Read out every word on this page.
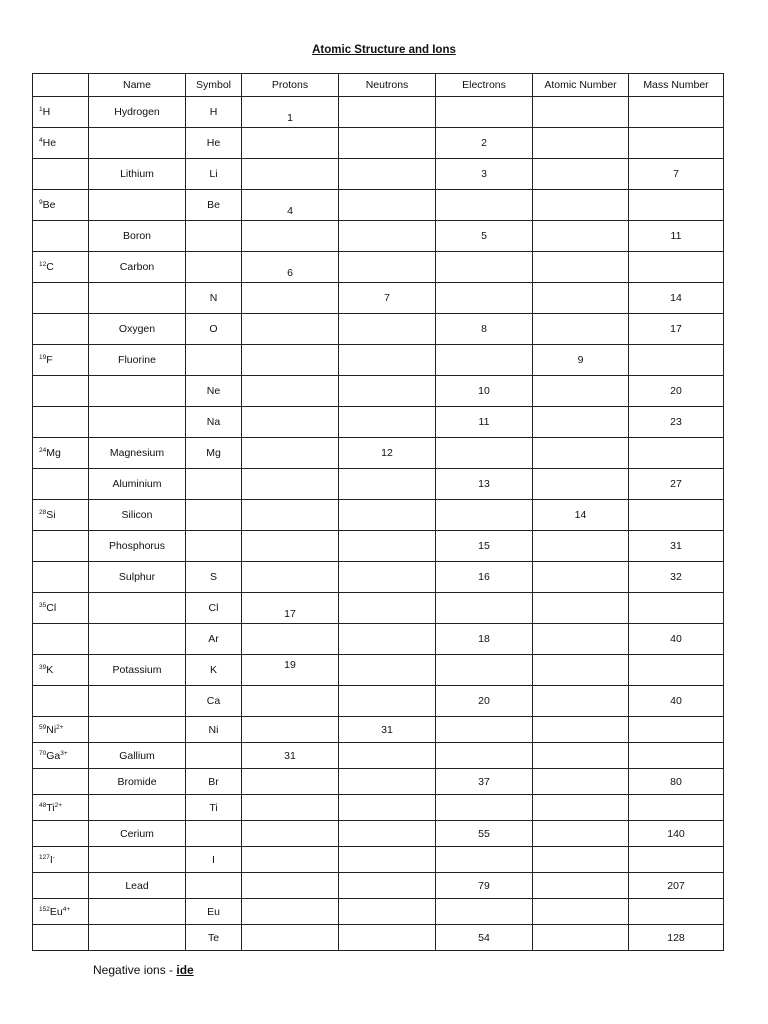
Atomic Structure and Ions
	Name	Symbol	Protons	Neutrons	Electrons	Atomic Number	Mass Number
$^1$H	Hydrogen	H	1				
$^4$He		He			2		
	Lithium	Li			3		7
$^9$Be		Be	4				
	Boron				5		11
$^{12}$C	Carbon		6				
		N		7			14
	Oxygen	O			8		17
$^{19}$F	Fluorine					9	
		Ne			10		20
		Na			11		23
$^{24}$Mg	Magnesium	Mg		12			
	Aluminium				13		27
$^{28}$Si	Silicon					14	
	Phosphorus				15		31
	Sulphur	S			16		32
$^{35}$Cl		Cl	17				
		Ar			18		40
$^{39}$K	Potassium	K	19				
		Ca			20		40
$^{59}Ni^{2+}$		Ni		31			
$^{70}Ga^{3+}$	Gallium		31				
	Bromide	Br			37		80
$^{48}Ti^{2+}$		Ti					
	Cerium				55		140
$^{127}$I-		I					
	Lead				79		207
$^{152}Eu^{4+}$		Eu					
		Te			54		128
Negative ions - ide
